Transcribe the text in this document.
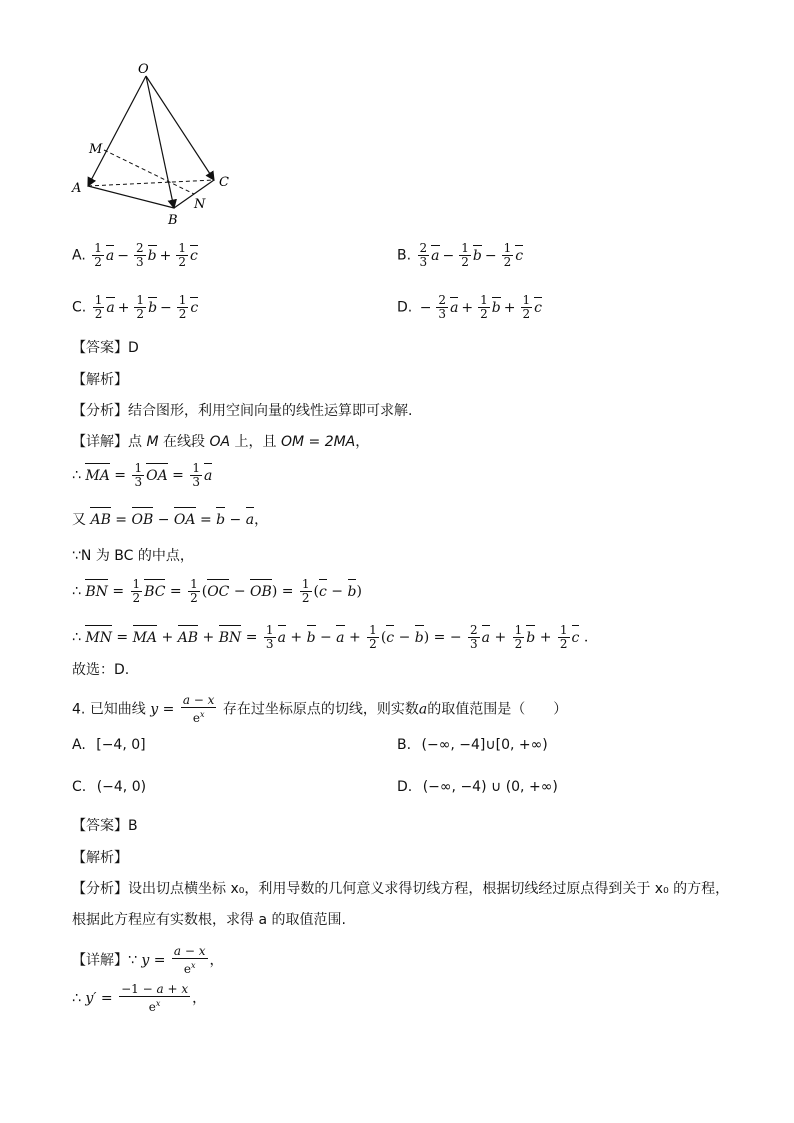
O
M
A
B
C
N
A. $\frac{1}{2}$ $a - \frac{2}{3}$ $b + \frac{1}{2}$ c	B. $\frac{2}{3}$ $a - \frac{1}{2}$ $b - \frac{1}{2}$ c
C. $\frac{1}{2}$ $a + \frac{1}{2}$ $b - \frac{1}{2}$ c	D. − $\frac{2}{3}$ $a + \frac{1}{2}$ $b + \frac{1}{2}$ c
【答案】D
【解析】
【分析】结合图形，利用空间向量的线性运算即可求解.
【详解】点 M 在线段 OA 上，且 OM = 2MA，
∴ MA = $\frac{1}{3}$ OA = $\frac{1}{3}$ a
又 AB = OB − OA = b − a，
∵N 为 BC 的中点，
∴ BN = $\frac{1}{2}$ BC = $\frac{1}{2} (OC - OB) = \frac{1}{2} (c - b)$
∴ MN = MA + AB + BN = $\frac{1}{3}$ $a + b - a + \frac{1}{2} (c - b)$ = − $\frac{2}{3}$ $a + \frac{1}{2}$ $b + \frac{1}{2}$ c .
故选：D.
4. 已知曲线 $y = \frac{a - x}{e^x}$ 存在过坐标原点的切线，则实数a的取值范围是（　　）
A. [−4, 0]	B. (−∞, −4]∪[0, +∞)
C. (−4, 0)	D. (−∞, −4) ∪ (0, +∞)
【答案】B
【解析】
【分析】设出切点横坐标 x₀，利用导数的几何意义求得切线方程，根据切线经过原点得到关于 x₀ 的方程，
根据此方程应有实数根，求得 a 的取值范围.
【详解】∵ $y = \frac{a - x}{e^x}$ ，
∴ $y' = \frac{-1 - a + x}{e^x}$ ，
